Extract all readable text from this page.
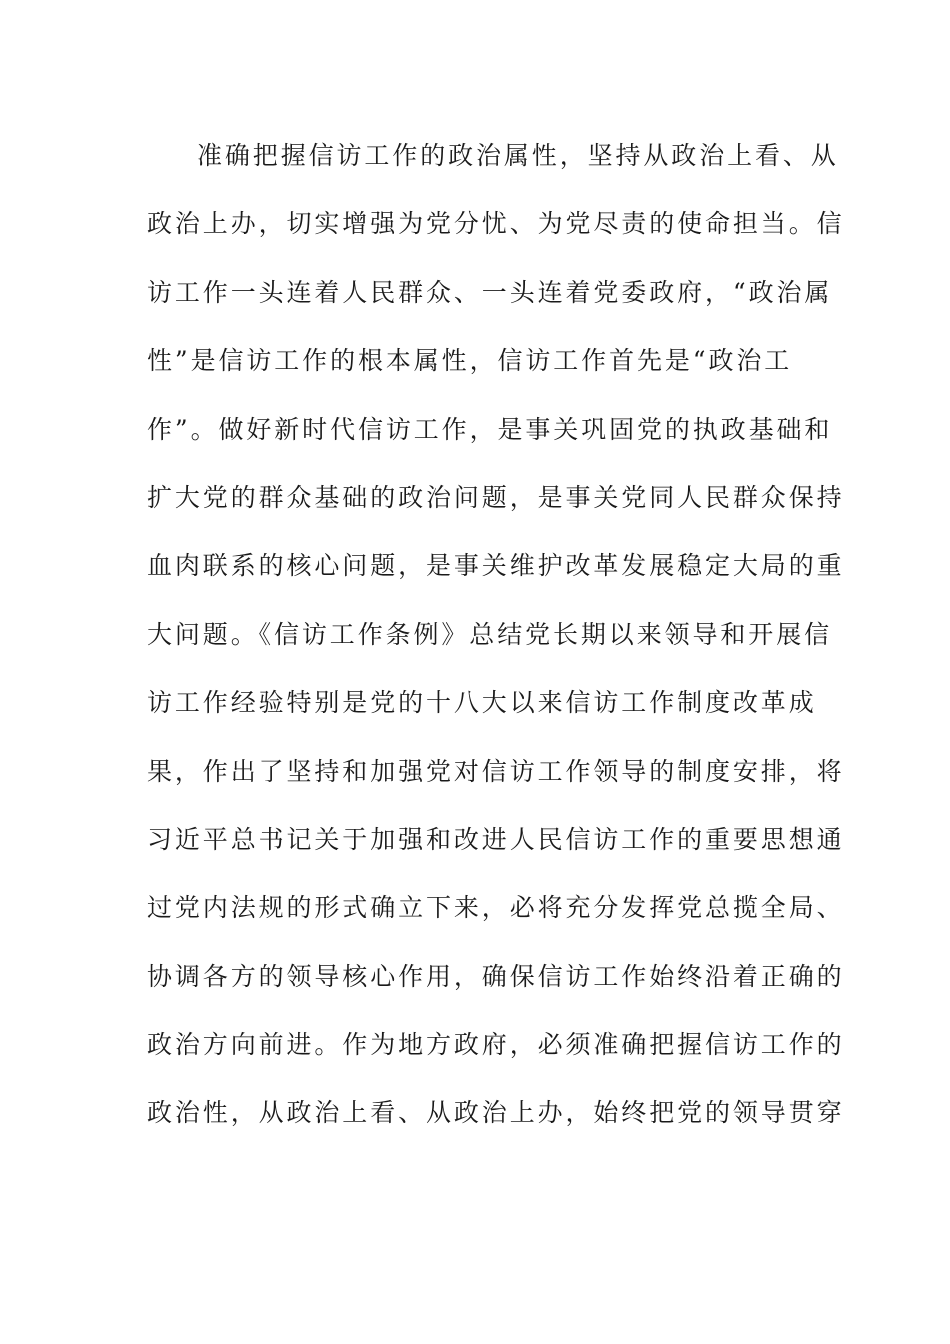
准确把握信访工作的政治属性，坚持从政治上看、从
政治上办，切实增强为党分忧、为党尽责的使命担当。信
访工作一头连着人民群众、一头连着党委政府，“政治属
性”是信访工作的根本属性，信访工作首先是“政治工
作”。做好新时代信访工作，是事关巩固党的执政基础和
扩大党的群众基础的政治问题，是事关党同人民群众保持
血肉联系的核心问题，是事关维护改革发展稳定大局的重
大问题。《信访工作条例》总结党长期以来领导和开展信
访工作经验特别是党的十八大以来信访工作制度改革成
果，作出了坚持和加强党对信访工作领导的制度安排，将
习近平总书记关于加强和改进人民信访工作的重要思想通
过党内法规的形式确立下来，必将充分发挥党总揽全局、
协调各方的领导核心作用，确保信访工作始终沿着正确的
政治方向前进。作为地方政府，必须准确把握信访工作的
政治性，从政治上看、从政治上办，始终把党的领导贯穿
